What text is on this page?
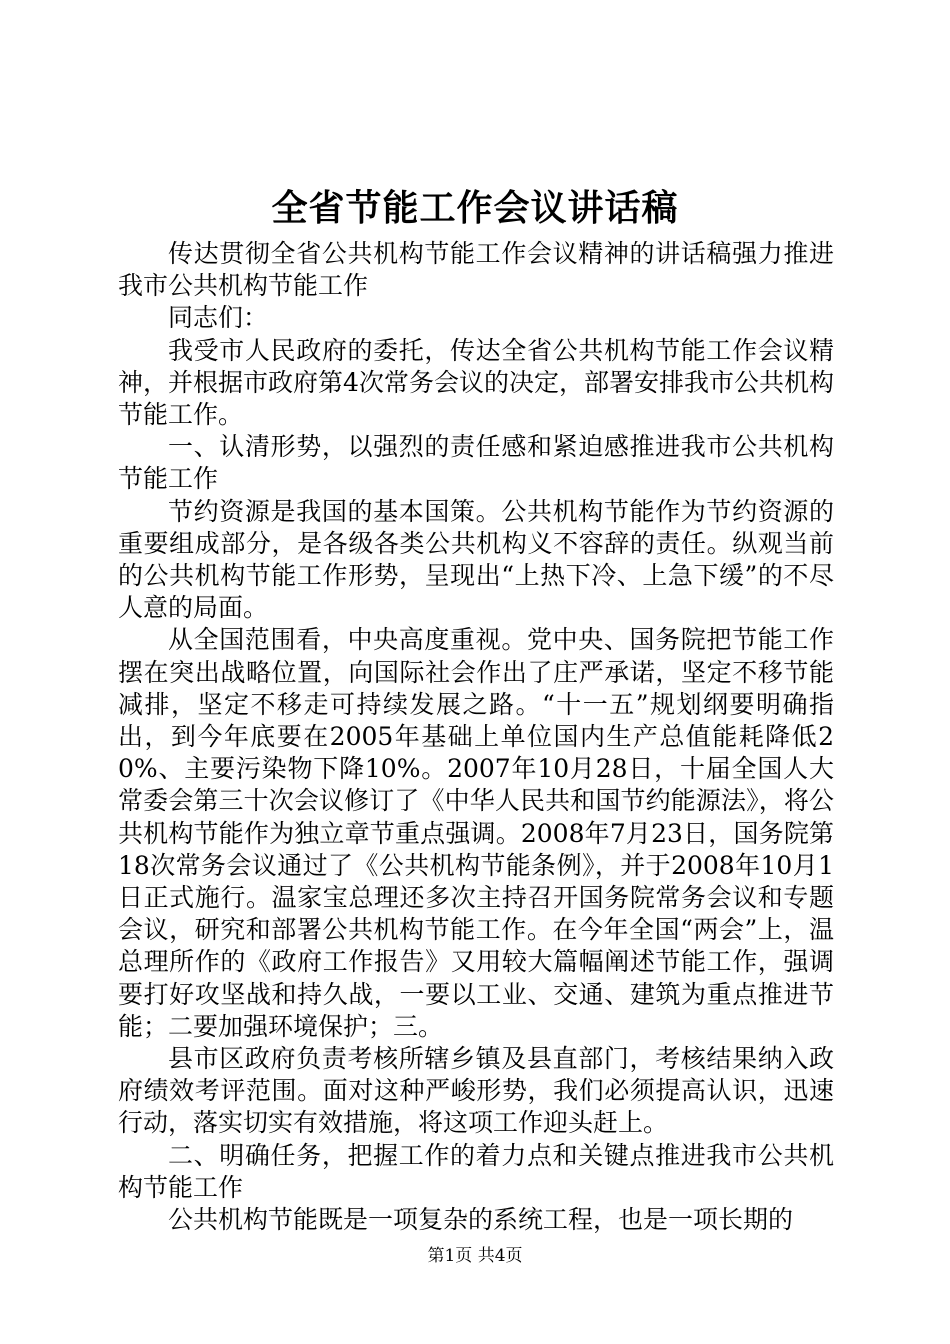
全省节能工作会议讲话稿

传达贯彻全省公共机构节能工作会议精神的讲话稿强力推进我市公共机构节能工作

同志们：

我受市人民政府的委托，传达全省公共机构节能工作会议精神，并根据市政府第4次常务会议的决定，部署安排我市公共机构节能工作。

一、认清形势，以强烈的责任感和紧迫感推进我市公共机构节能工作

节约资源是我国的基本国策。公共机构节能作为节约资源的重要组成部分，是各级各类公共机构义不容辞的责任。纵观当前的公共机构节能工作形势，呈现出“上热下冷、上急下缓”的不尽人意的局面。

从全国范围看，中央高度重视。党中央、国务院把节能工作摆在突出战略位置，向国际社会作出了庄严承诺，坚定不移节能减排，坚定不移走可持续发展之路。“十一五”规划纲要明确指出，到今年底要在2005年基础上单位国内生产总值能耗降低20%、主要污染物下降10%。2007年10月28日，十届全国人大常委会第三十次会议修订了《中华人民共和国节约能源法》，将公共机构节能作为独立章节重点强调。2008年7月23日，国务院第18次常务会议通过了《公共机构节能条例》，并于2008年10月1日正式施行。温家宝总理还多次主持召开国务院常务会议和专题会议，研究和部署公共机构节能工作。在今年全国“两会”上，温总理所作的《政府工作报告》又用较大篇幅阐述节能工作，强调要打好攻坚战和持久战，一要以工业、交通、建筑为重点推进节能；二要加强环境保护；三。

县市区政府负责考核所辖乡镇及县直部门，考核结果纳入政府绩效考评范围。面对这种严峻形势，我们必须提高认识，迅速行动，落实切实有效措施，将这项工作迎头赶上。

二、明确任务，把握工作的着力点和关键点推进我市公共机构节能工作

公共机构节能既是一项复杂的系统工程，也是一项长期的

第1页 共4页
